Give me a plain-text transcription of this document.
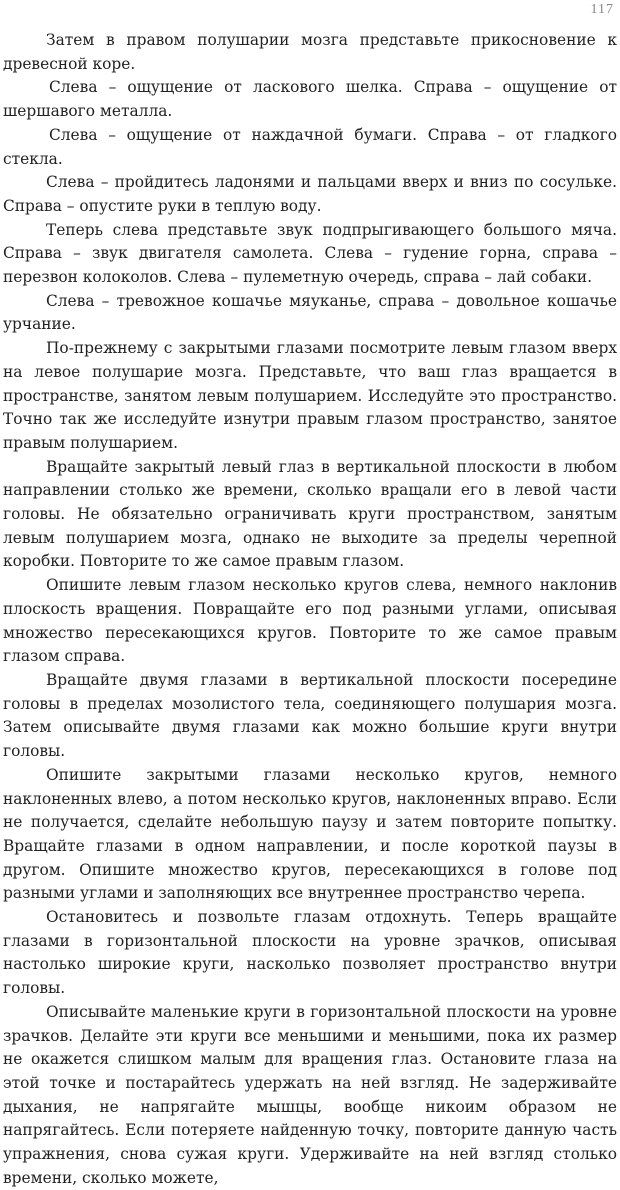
117

Затем в правом полушарии мозга представьте прикосновение к древесной коре.

Слева – ощущение от ласкового шелка. Справа – ощущение от шершавого металла.

Слева – ощущение от наждачной бумаги. Справа – от гладкого стекла.

Слева – пройдитесь ладонями и пальцами вверх и вниз по сосульке. Справа – опустите руки в теплую воду.

Теперь слева представьте звук подпрыгивающего большого мяча. Справа – звук двигателя самолета. Слева – гудение горна, справа – перезвон колоколов. Слева – пулеметную очередь, справа – лай собаки.

Слева – тревожное кошачье мяуканье, справа – довольное кошачье урчание.

По-прежнему с закрытыми глазами посмотрите левым глазом вверх на левое полушарие мозга. Представьте, что ваш глаз вращается в пространстве, занятом левым полушарием. Исследуйте это пространство. Точно так же исследуйте изнутри правым глазом пространство, занятое правым полушарием.

Вращайте закрытый левый глаз в вертикальной плоскости в любом направлении столько же времени, сколько вращали его в левой части головы. Не обязательно ограничивать круги пространством, занятым левым полушарием мозга, однако не выходите за пределы черепной коробки. Повторите то же самое правым глазом.

Опишите левым глазом несколько кругов слева, немного наклонив плоскость вращения. Повращайте его под разными углами, описывая множество пересекающихся кругов. Повторите то же самое правым глазом справа.

Вращайте двумя глазами в вертикальной плоскости посередине головы в пределах мозолистого тела, соединяющего полушария мозга. Затем описывайте двумя глазами как можно большие круги внутри головы.

Опишите закрытыми глазами несколько кругов, немного наклоненных влево, а потом несколько кругов, наклоненных вправо. Если не получается, сделайте небольшую паузу и затем повторите попытку. Вращайте глазами в одном направлении, и после короткой паузы в другом. Опишите множество кругов, пересекающихся в голове под разными углами и заполняющих все внутреннее пространство черепа.

Остановитесь и позвольте глазам отдохнуть. Теперь вращайте глазами в горизонтальной плоскости на уровне зрачков, описывая настолько широкие круги, насколько позволяет пространство внутри головы.

Описывайте маленькие круги в горизонтальной плоскости на уровне зрачков. Делайте эти круги все меньшими и меньшими, пока их размер не окажется слишком малым для вращения глаз. Остановите глаза на этой точке и постарайтесь удержать на ней взгляд. Не задерживайте дыхания, не напрягайте мышцы, вообще никоим образом не напрягайтесь. Если потеряете найденную точку, повторите данную часть упражнения, снова сужая круги. Удерживайте на ней взгляд столько времени, сколько можете,
